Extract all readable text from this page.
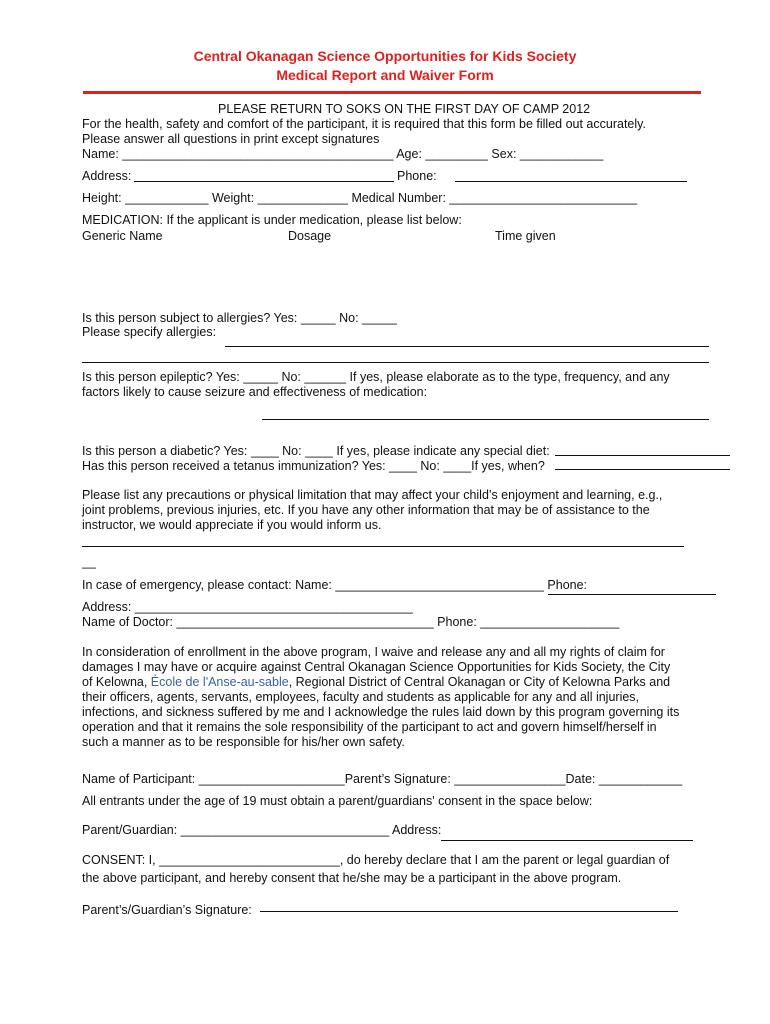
Central Okanagan Science Opportunities for Kids Society
Medical Report and Waiver Form
PLEASE RETURN TO SOKS ON THE FIRST DAY OF CAMP 2012
For the health, safety and comfort of the participant, it is required that this form be filled out accurately.
Please answer all questions in print except signatures
Name: _______________________________________ Age: _________ Sex: ____________
Address:	Phone:
Height: ____________ Weight: _____________ Medical Number: ___________________________
MEDICATION: If the applicant is under medication, please list below:
Generic Name	Dosage	Time given
Is this person subject to allergies? Yes: _____ No: _____
Please specify allergies:
Is this person epileptic? Yes: _____ No: ______ If yes, please elaborate as to the type, frequency, and any
factors likely to cause seizure and effectiveness of medication:
Is this person a diabetic? Yes: ____ No: ____ If yes, please indicate any special diet:
Has this person received a tetanus immunization? Yes: ____ No: ____If yes, when?
Please list any precautions or physical limitation that may affect your child’s enjoyment and learning, e.g.,
joint problems, previous injuries, etc. If you have any other information that may be of assistance to the
instructor, we would appreciate if you would inform us.
__
In case of emergency, please contact: Name: ______________________________ Phone:
Address: ________________________________________
Name of Doctor: _____________________________________ Phone: ____________________
In consideration of enrollment in the above program, I waive and release any and all my rights of claim for
damages I may have or acquire against Central Okanagan Science Opportunities for Kids Society, the City
of Kelowna, École de l'Anse-au-sable, Regional District of Central Okanagan or City of Kelowna Parks and
their officers, agents, servants, employees, faculty and students as applicable for any and all injuries,
infections, and sickness suffered by me and I acknowledge the rules laid down by this program governing its
operation and that it remains the sole responsibility of the participant to act and govern himself/herself in
such a manner as to be responsible for his/her own safety.
Name of Participant: _____________________Parent’s Signature: ________________Date: ____________
All entrants under the age of 19 must obtain a parent/guardians' consent in the space below:
Parent/Guardian: ______________________________ Address:
CONSENT: I, __________________________, do hereby declare that I am the parent or legal guardian of
the above participant, and hereby consent that he/she may be a participant in the above program.
Parent’s/Guardian’s Signature:
